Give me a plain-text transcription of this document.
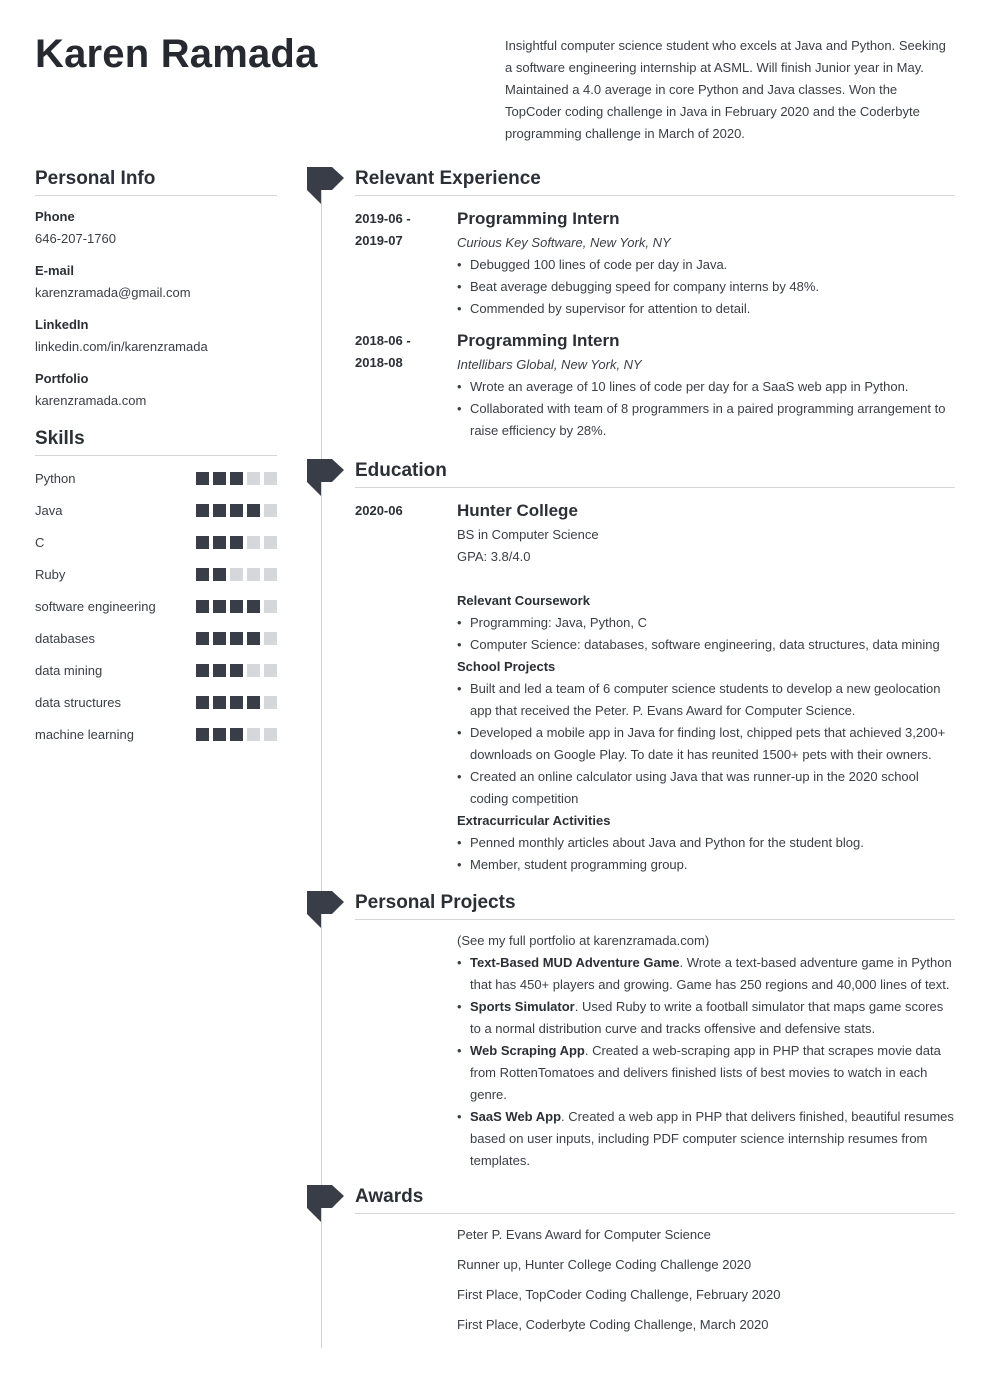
Karen Ramada	Insightful computer science student who excels at Java and Python. Seeking a software engineering internship at ASML. Will finish Junior year in May. Maintained a 4.0 average in core Python and Java classes. Won the TopCoder coding challenge in Java in February 2020 and the Coderbyte programming challenge in March of 2020.
Personal Info
Phone
646-207-1760
E-mail
karenzramada@gmail.com
LinkedIn
linkedin.com/in/karenzramada
Portfolio
karenzramada.com
Skills
Python
Java
C
Ruby
software engineering
databases
data mining
data structures
machine learning
Relevant Experience
2019-06 - 2019-07
Programming Intern
Curious Key Software, New York, NY
• Debugged 100 lines of code per day in Java.
• Beat average debugging speed for company interns by 48%.
• Commended by supervisor for attention to detail.
2018-06 - 2018-08
Programming Intern
Intellibars Global, New York, NY
• Wrote an average of 10 lines of code per day for a SaaS web app in Python.
• Collaborated with team of 8 programmers in a paired programming arrangement to raise efficiency by 28%.
Education
2020-06	Hunter College
BS in Computer Science
GPA: 3.8/4.0
Relevant Coursework
• Programming: Java, Python, C
• Computer Science: databases, software engineering, data structures, data mining
School Projects
• Built and led a team of 6 computer science students to develop a new geolocation app that received the Peter. P. Evans Award for Computer Science.
• Developed a mobile app in Java for finding lost, chipped pets that achieved 3,200+ downloads on Google Play. To date it has reunited 1500+ pets with their owners.
• Created an online calculator using Java that was runner-up in the 2020 school coding competition
Extracurricular Activities
• Penned monthly articles about Java and Python for the student blog.
• Member, student programming group.
Personal Projects
(See my full portfolio at karenzramada.com)
• Text-Based MUD Adventure Game. Wrote a text-based adventure game in Python that has 450+ players and growing. Game has 250 regions and 40,000 lines of text.
• Sports Simulator. Used Ruby to write a football simulator that maps game scores to a normal distribution curve and tracks offensive and defensive stats.
• Web Scraping App. Created a web-scraping app in PHP that scrapes movie data from RottenTomatoes and delivers finished lists of best movies to watch in each genre.
• SaaS Web App. Created a web app in PHP that delivers finished, beautiful resumes based on user inputs, including PDF computer science internship resumes from templates.
Awards
Peter P. Evans Award for Computer Science
Runner up, Hunter College Coding Challenge 2020
First Place, TopCoder Coding Challenge, February 2020
First Place, Coderbyte Coding Challenge, March 2020
